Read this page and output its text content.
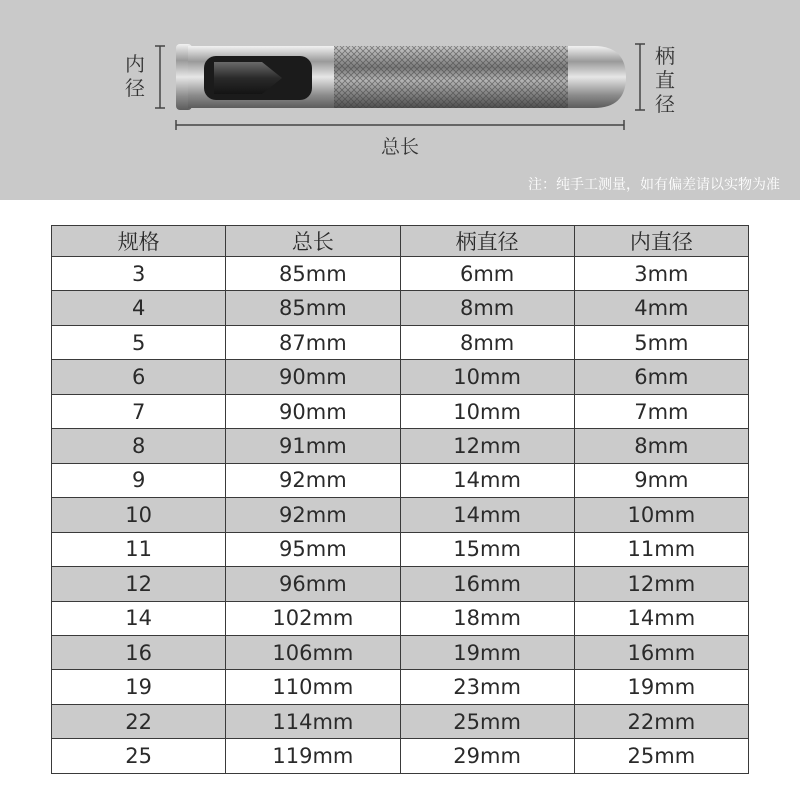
内径
柄直径
总长
注：纯手工测量，如有偏差请以实物为准
规格	总长	柄直径	内直径
3	85mm	6mm	3mm
4	85mm	8mm	4mm
5	87mm	8mm	5mm
6	90mm	10mm	6mm
7	90mm	10mm	7mm
8	91mm	12mm	8mm
9	92mm	14mm	9mm
10	92mm	14mm	10mm
11	95mm	15mm	11mm
12	96mm	16mm	12mm
14	102mm	18mm	14mm
16	106mm	19mm	16mm
19	110mm	23mm	19mm
22	114mm	25mm	22mm
25	119mm	29mm	25mm
